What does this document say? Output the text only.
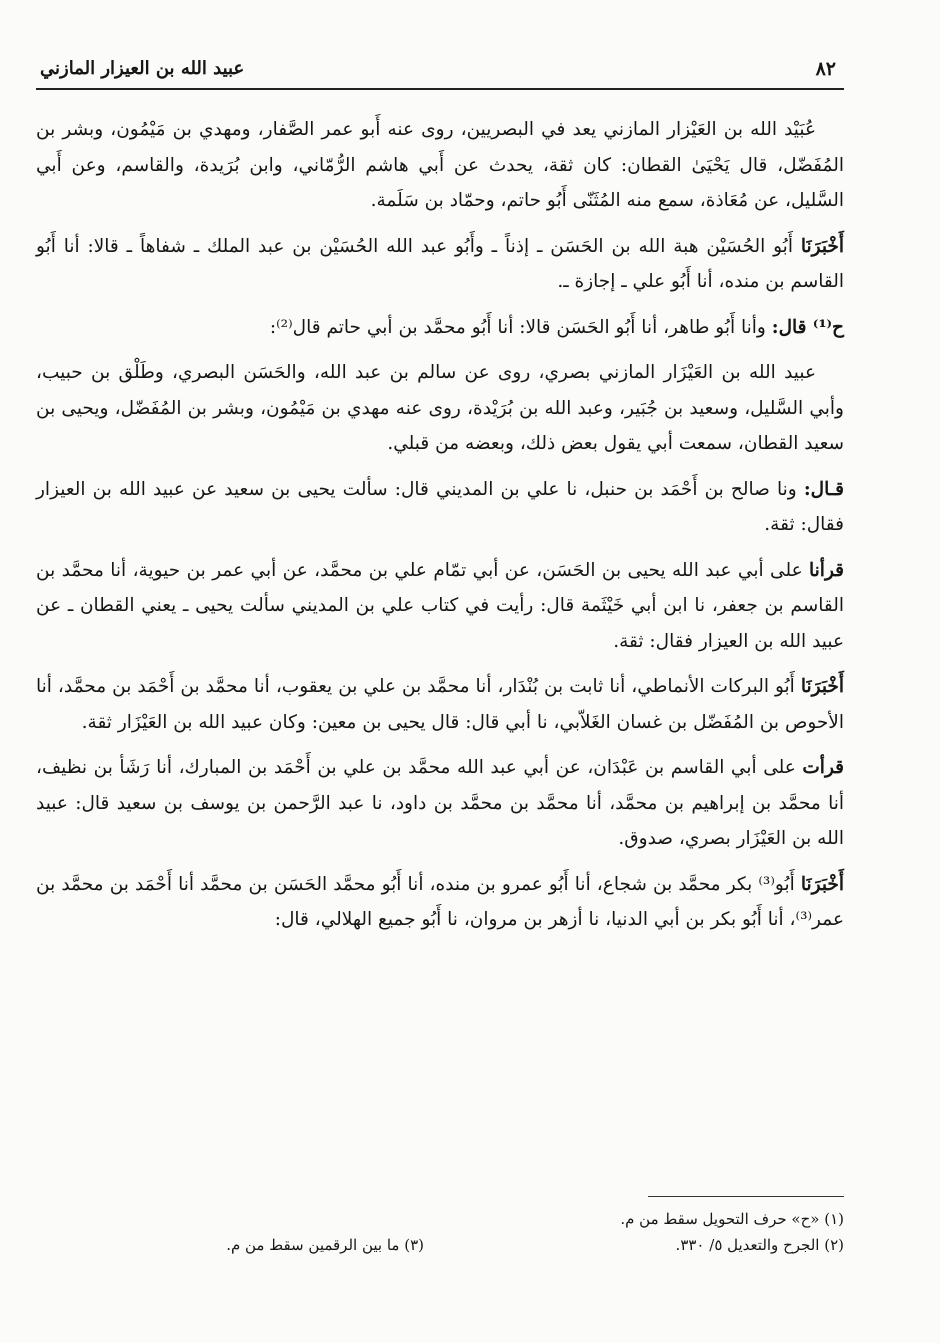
٨٢
عبيد الله بن العيزار المازني

عُبَيْد الله بن العَيْزار المازني يعد في البصريين، روى عنه أَبو عمر الصَّفار، ومهدي بن مَيْمُون، وبشر بن المُفَضّل، قال يَحْيَىٰ القطان: كان ثقة، يحدث عن أَبي هاشم الرُّمّاني، وابن بُرَيدة، والقاسم، وعن أَبي السَّليل، عن مُعَاذة، سمع منه المُثَنّى أَبُو حاتم، وحمّاد بن سَلَمة.

أَخْبَرَنَا أَبُو الحُسَيْن هبة الله بن الحَسَن ـ إذناً ـ وأَبُو عبد الله الحُسَيْن بن عبد الملك ـ شفاهاً ـ قالا: أنا أَبُو القاسم بن منده، أنا أَبُو علي ـ إجازة ـ.

ح⁽¹⁾ قال: وأنا أَبُو طاهر، أنا أَبُو الحَسَن قالا: أنا أَبُو محمَّد بن أبي حاتم قال⁽²⁾:

عبيد الله بن العَيْزَار المازني بصري، روى عن سالم بن عبد الله، والحَسَن البصري، وطَلْق بن حبيب، وأبي السَّليل، وسعيد بن جُبَير، وعبد الله بن بُرَيْدة، روى عنه مهدي بن مَيْمُون، وبشر بن المُفَضّل، ويحيى بن سعيد القطان، سمعت أبي يقول بعض ذلك، وبعضه من قبلي.

قـال: ونا صالح بن أَحْمَد بن حنبل، نا علي بن المديني قال: سألت يحيى بن سعيد عن عبيد الله بن العيزار فقال: ثقة.

قرأنا على أبي عبد الله يحيى بن الحَسَن، عن أبي تمّام علي بن محمَّد، عن أبي عمر بن حيوية، أنا محمَّد بن القاسم بن جعفر، نا ابن أبي خَيْثَمة قال: رأيت في كتاب علي بن المديني سألت يحيى ـ يعني القطان ـ عن عبيد الله بن العيزار فقال: ثقة.

أَخْبَرَنَا أَبُو البركات الأنماطي، أنا ثابت بن بُنْدَار، أنا محمَّد بن علي بن يعقوب، أنا محمَّد بن أَحْمَد بن محمَّد، أنا الأحوص بن المُفَضّل بن غسان الغَلاّبي، نا أبي قال: قال يحيى بن معين: وكان عبيد الله بن العَيْزَار ثقة.

قرأت على أبي القاسم بن عَبْدَان، عن أبي عبد الله محمَّد بن علي بن أَحْمَد بن المبارك، أنا رَشَأ بن نظيف، أنا محمَّد بن إبراهيم بن محمَّد، أنا محمَّد بن محمَّد بن داود، نا عبد الرَّحمن بن يوسف بن سعيد قال: عبيد الله بن العَيْزَار بصري، صدوق.

أَخْبَرَنَا أَبُو⁽³⁾ بكر محمَّد بن شجاع، أنا أَبُو عمرو بن منده، أنا أَبُو محمَّد الحَسَن بن محمَّد أنا أَحْمَد بن محمَّد بن عمر⁽³⁾، أنا أَبُو بكر بن أبي الدنيا، نا أزهر بن مروان، نا أَبُو جميع الهلالي، قال:

(١) «ح» حرف التحويل سقط من م.
(٢) الجرح والتعديل ٥/ ٣٣٠.
(٣) ما بين الرقمين سقط من م.
